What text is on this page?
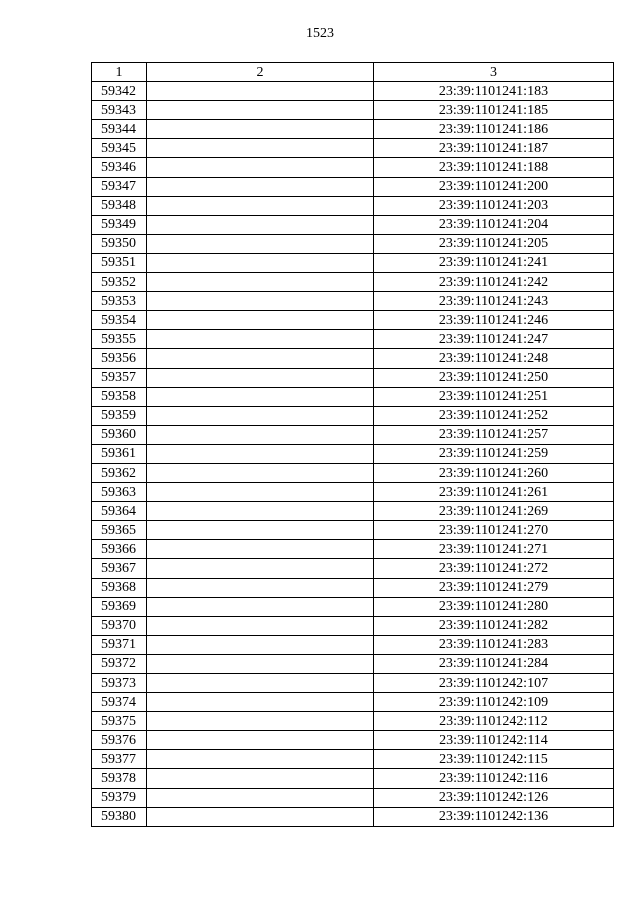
1523
1	2	3
59342		23:39:1101241:183
59343		23:39:1101241:185
59344		23:39:1101241:186
59345		23:39:1101241:187
59346		23:39:1101241:188
59347		23:39:1101241:200
59348		23:39:1101241:203
59349		23:39:1101241:204
59350		23:39:1101241:205
59351		23:39:1101241:241
59352		23:39:1101241:242
59353		23:39:1101241:243
59354		23:39:1101241:246
59355		23:39:1101241:247
59356		23:39:1101241:248
59357		23:39:1101241:250
59358		23:39:1101241:251
59359		23:39:1101241:252
59360		23:39:1101241:257
59361		23:39:1101241:259
59362		23:39:1101241:260
59363		23:39:1101241:261
59364		23:39:1101241:269
59365		23:39:1101241:270
59366		23:39:1101241:271
59367		23:39:1101241:272
59368		23:39:1101241:279
59369		23:39:1101241:280
59370		23:39:1101241:282
59371		23:39:1101241:283
59372		23:39:1101241:284
59373		23:39:1101242:107
59374		23:39:1101242:109
59375		23:39:1101242:112
59376		23:39:1101242:114
59377		23:39:1101242:115
59378		23:39:1101242:116
59379		23:39:1101242:126
59380		23:39:1101242:136
